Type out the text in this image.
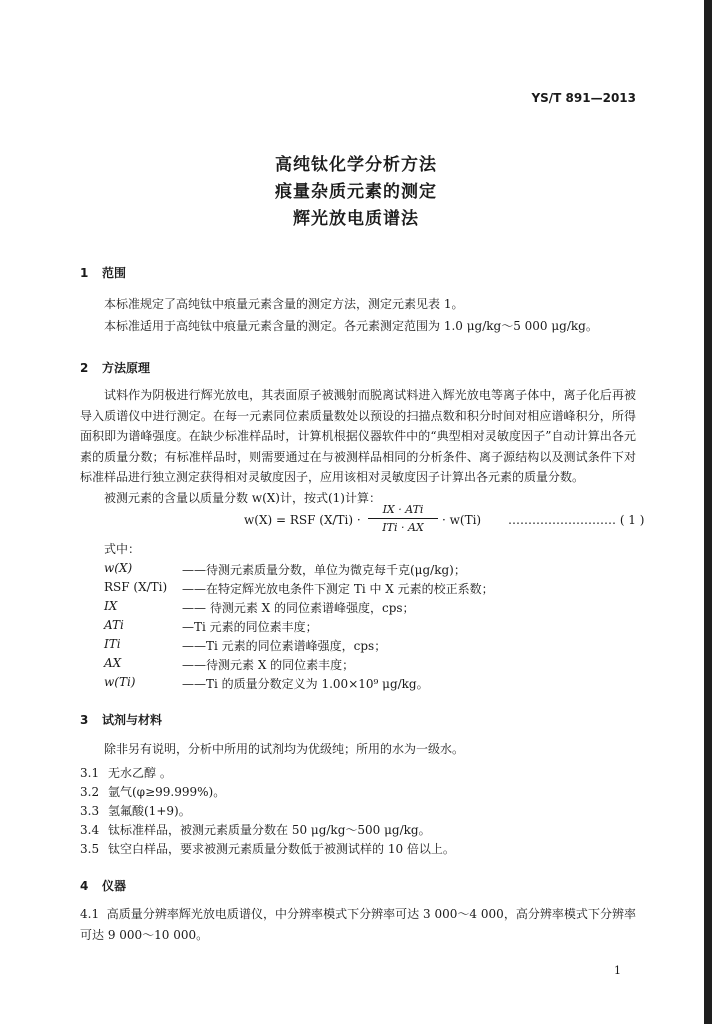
YS/T 891—2013
高纯钛化学分析方法
痕量杂质元素的测定
辉光放电质谱法
1 范围
本标准规定了高纯钛中痕量元素含量的测定方法，测定元素见表 1。
本标准适用于高纯钛中痕量元素含量的测定。各元素测定范围为 1.0 μg/kg～5 000 μg/kg。
2 方法原理
试料作为阴极进行辉光放电，其表面原子被溅射而脱离试料进入辉光放电等离子体中，离子化后再被导入质谱仪中进行测定。在每一元素同位素质量数处以预设的扫描点数和积分时间对相应谱峰积分，所得面积即为谱峰强度。在缺少标准样品时，计算机根据仪器软件中的“典型相对灵敏度因子”自动计算出各元素的质量分数；有标准样品时，则需要通过在与被测样品相同的分析条件、离子源结构以及测试条件下对标准样品进行独立测定获得相对灵敏度因子，应用该相对灵敏度因子计算出各元素的质量分数。
被测元素的含量以质量分数 w(X)计，按式(1)计算：
w(X) = RSF (X/Ti) ·
IX · ATi
ITi · AX
· w(Ti) ……………………… ( 1 )
式中：
w(X)	——待测元素质量分数，单位为微克每千克(μg/kg)；
RSF (X/Ti) ——在特定辉光放电条件下测定 Ti 中 X 元素的校正系数；
IX	—— 待测元素 X 的同位素谱峰强度，cps；
ATi	—Ti 元素的同位素丰度；
ITi	——Ti 元素的同位素谱峰强度，cps；
AX	——待测元素 X 的同位素丰度；
w(Ti)	——Ti 的质量分数定义为 1.00×10⁹ μg/kg。
3 试剂与材料
除非另有说明，分析中所用的试剂均为优级纯；所用的水为一级水。
3.1 无水乙醇 。
3.2 氩气(φ≥99.999%)。
3.3 氢氟酸(1+9)。
3.4 钛标准样品，被测元素质量分数在 50 μg/kg～500 μg/kg。
3.5 钛空白样品，要求被测元素质量分数低于被测试样的 10 倍以上。
4 仪器
4.1 高质量分辨率辉光放电质谱仪，中分辨率模式下分辨率可达 3 000～4 000，高分辨率模式下分辨率可达 9 000～10 000。
1
